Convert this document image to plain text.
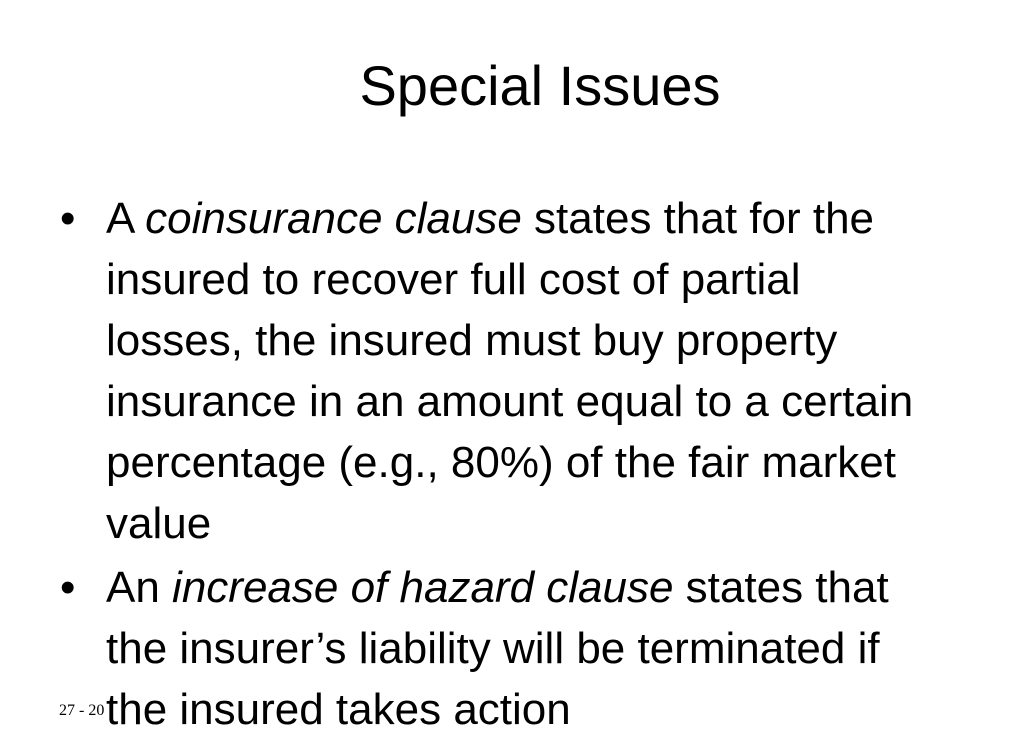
Special Issues
• A coinsurance clause states that for the insured to recover full cost of partial losses, the insured must buy property insurance in an amount equal to a certain percentage (e.g., 80%) of the fair market value
• An increase of hazard clause states that the insurer’s liability will be terminated if the insured takes action
27 - 20
